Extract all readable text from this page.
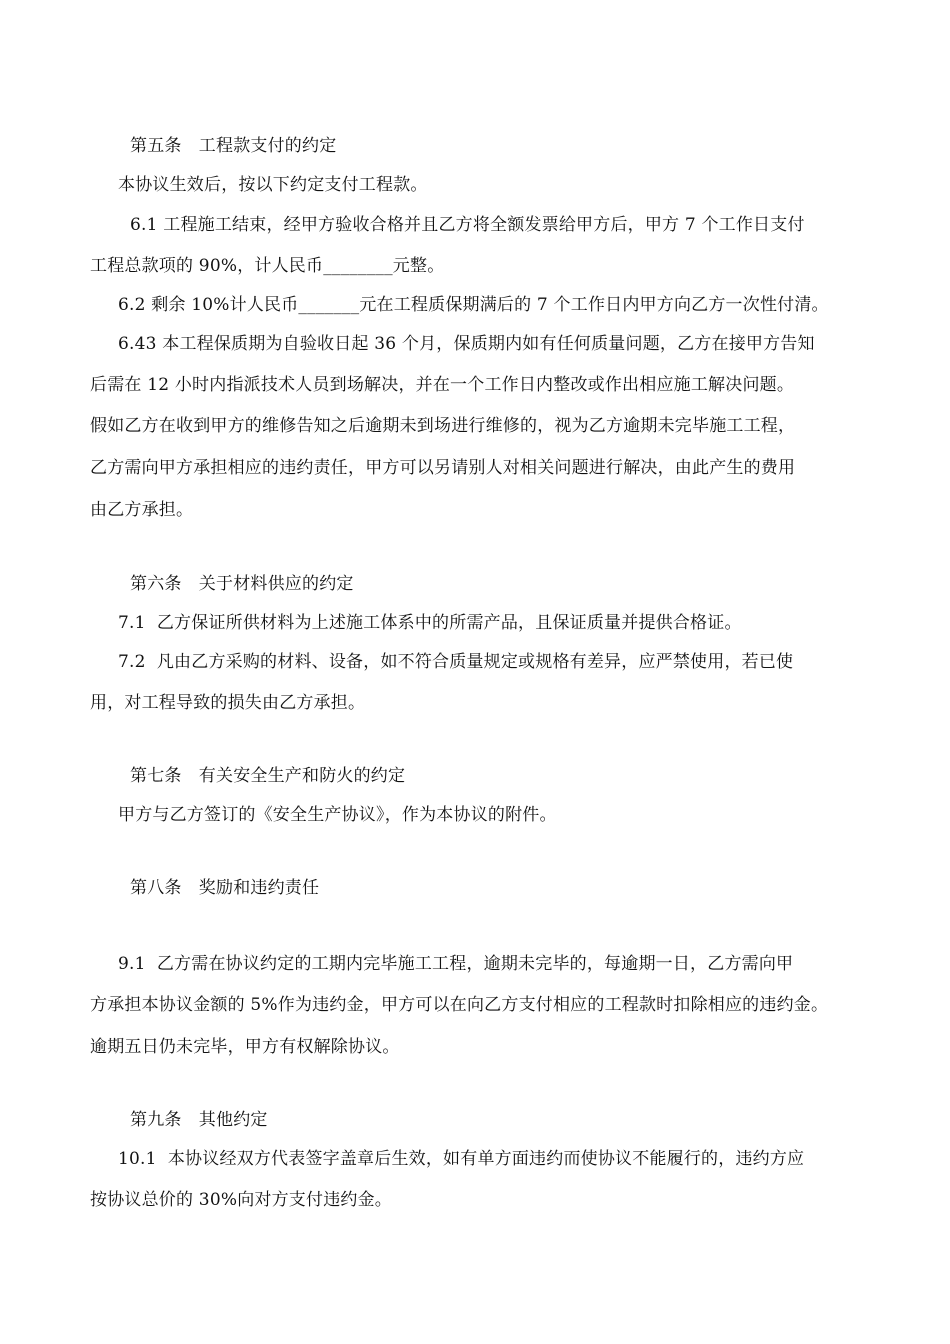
第五条　工程款支付的约定
本协议生效后，按以下约定支付工程款。
6.1 工程施工结束，经甲方验收合格并且乙方将全额发票给甲方后，甲方 7 个工作日支付
工程总款项的 90%，计人民币________元整。
6.2 剩余 10%计人民币_______元在工程质保期满后的 7 个工作日内甲方向乙方一次性付清。
6.43 本工程保质期为自验收日起 36 个月，保质期内如有任何质量问题，乙方在接甲方告知
后需在 12 小时内指派技术人员到场解决，并在一个工作日内整改或作出相应施工解决问题。
假如乙方在收到甲方的维修告知之后逾期未到场进行维修的，视为乙方逾期未完毕施工工程，
乙方需向甲方承担相应的违约责任，甲方可以另请别人对相关问题进行解决，由此产生的费用
由乙方承担。
第六条　关于材料供应的约定
7.1  乙方保证所供材料为上述施工体系中的所需产品，且保证质量并提供合格证。
7.2  凡由乙方采购的材料、设备，如不符合质量规定或规格有差异，应严禁使用，若已使
用，对工程导致的损失由乙方承担。
第七条　有关安全生产和防火的约定
甲方与乙方签订的《安全生产协议》，作为本协议的附件。
第八条　奖励和违约责任
9.1  乙方需在协议约定的工期内完毕施工工程，逾期未完毕的，每逾期一日，乙方需向甲
方承担本协议金额的 5%作为违约金，甲方可以在向乙方支付相应的工程款时扣除相应的违约金。
逾期五日仍未完毕，甲方有权解除协议。
第九条　其他约定
10.1  本协议经双方代表签字盖章后生效，如有单方面违约而使协议不能履行的，违约方应
按协议总价的 30%向对方支付违约金。
